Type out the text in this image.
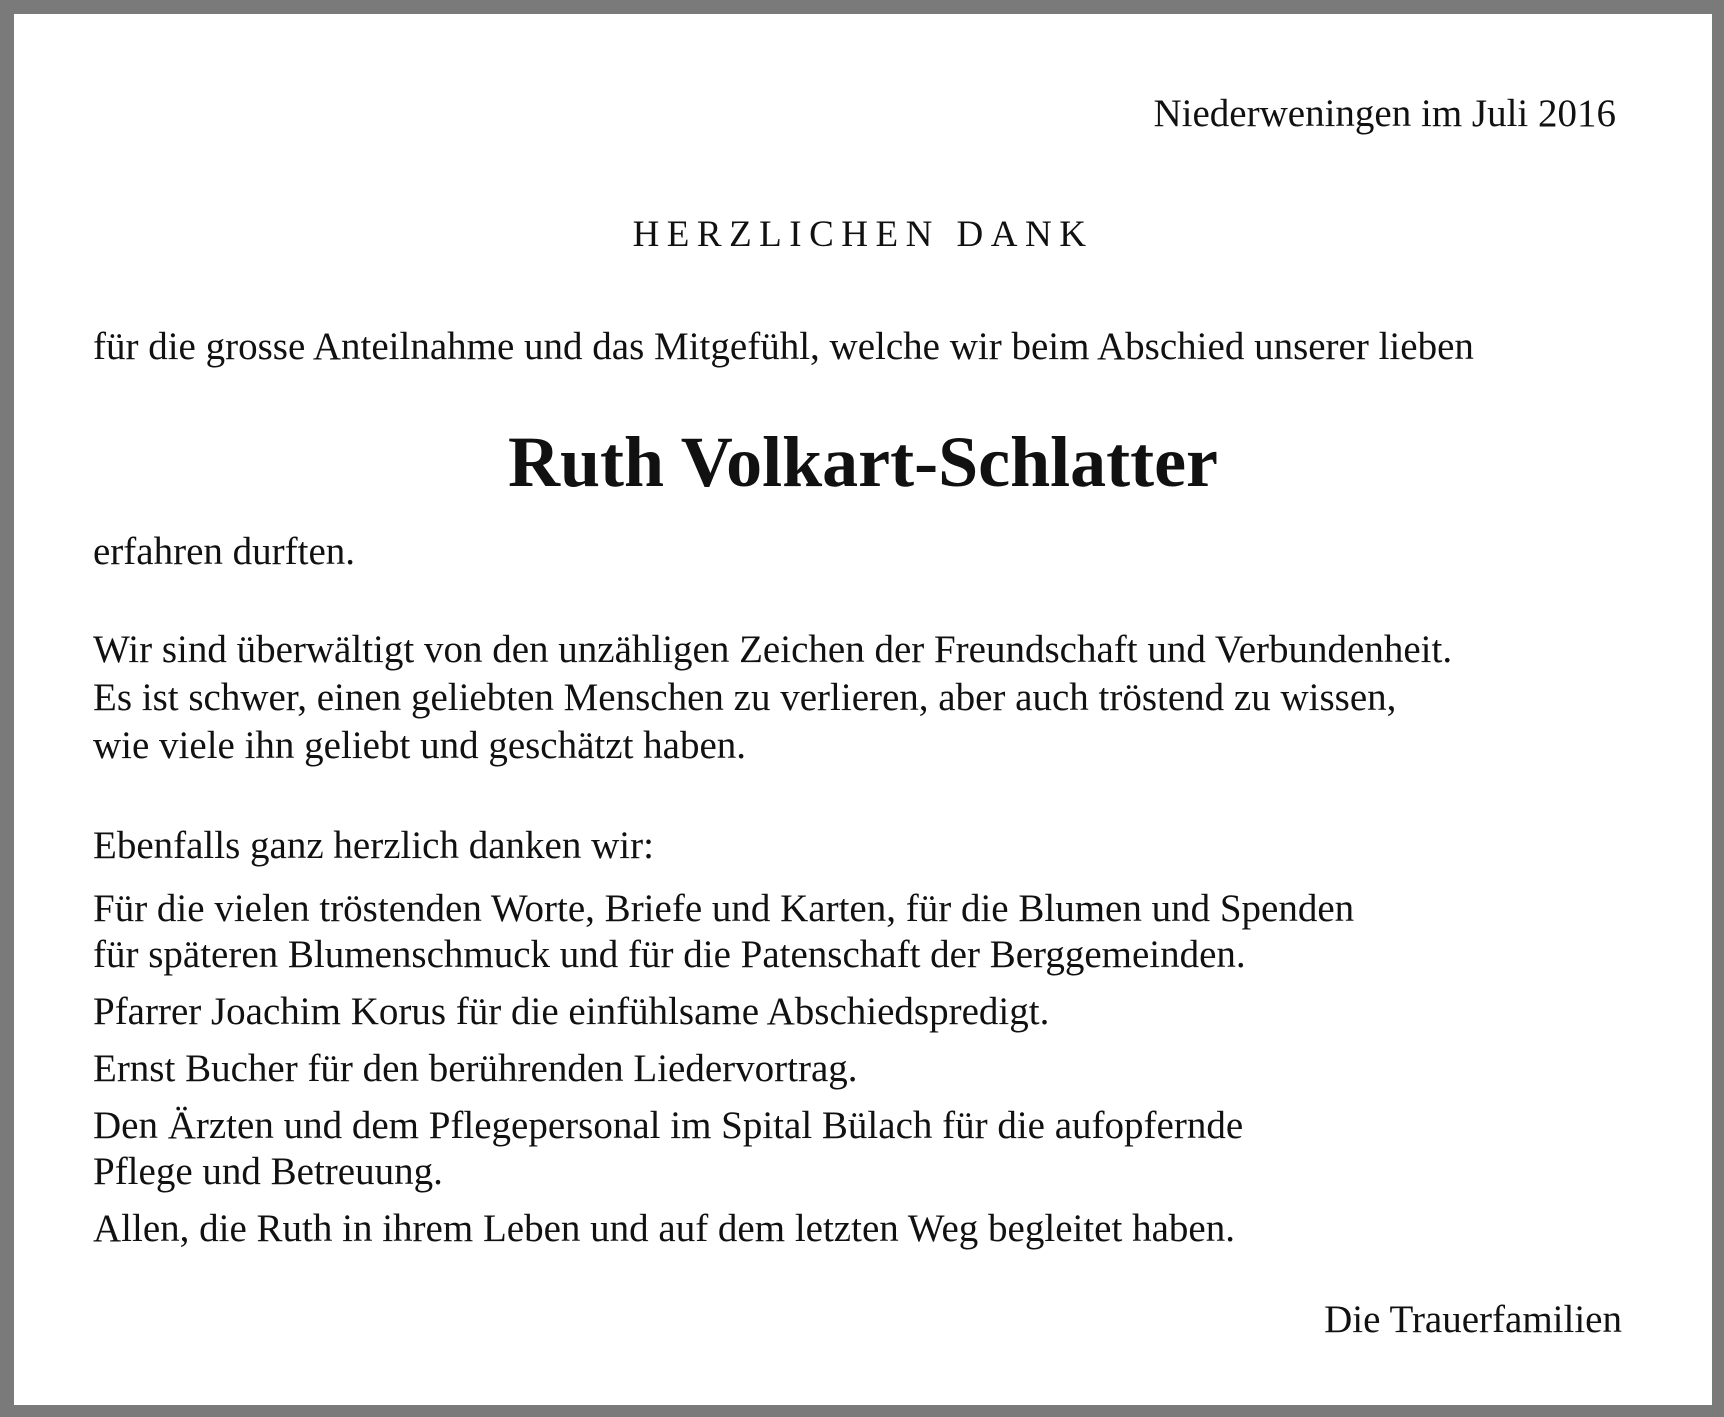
Niederweningen im Juli 2016
HERZLICHEN DANK
für die grosse Anteilnahme und das Mitgefühl, welche wir beim Abschied unserer lieben
Ruth Volkart-Schlatter
erfahren durften.
Wir sind überwältigt von den unzähligen Zeichen der Freundschaft und Verbundenheit.
Es ist schwer, einen geliebten Menschen zu verlieren, aber auch tröstend zu wissen,
wie viele ihn geliebt und geschätzt haben.
Ebenfalls ganz herzlich danken wir:
Für die vielen tröstenden Worte, Briefe und Karten, für die Blumen und Spenden
für späteren Blumenschmuck und für die Patenschaft der Berggemeinden.
Pfarrer Joachim Korus für die einfühlsame Abschiedspredigt.
Ernst Bucher für den berührenden Liedervortrag.
Den Ärzten und dem Pflegepersonal im Spital Bülach für die aufopfernde
Pflege und Betreuung.
Allen, die Ruth in ihrem Leben und auf dem letzten Weg begleitet haben.
Die Trauerfamilien
